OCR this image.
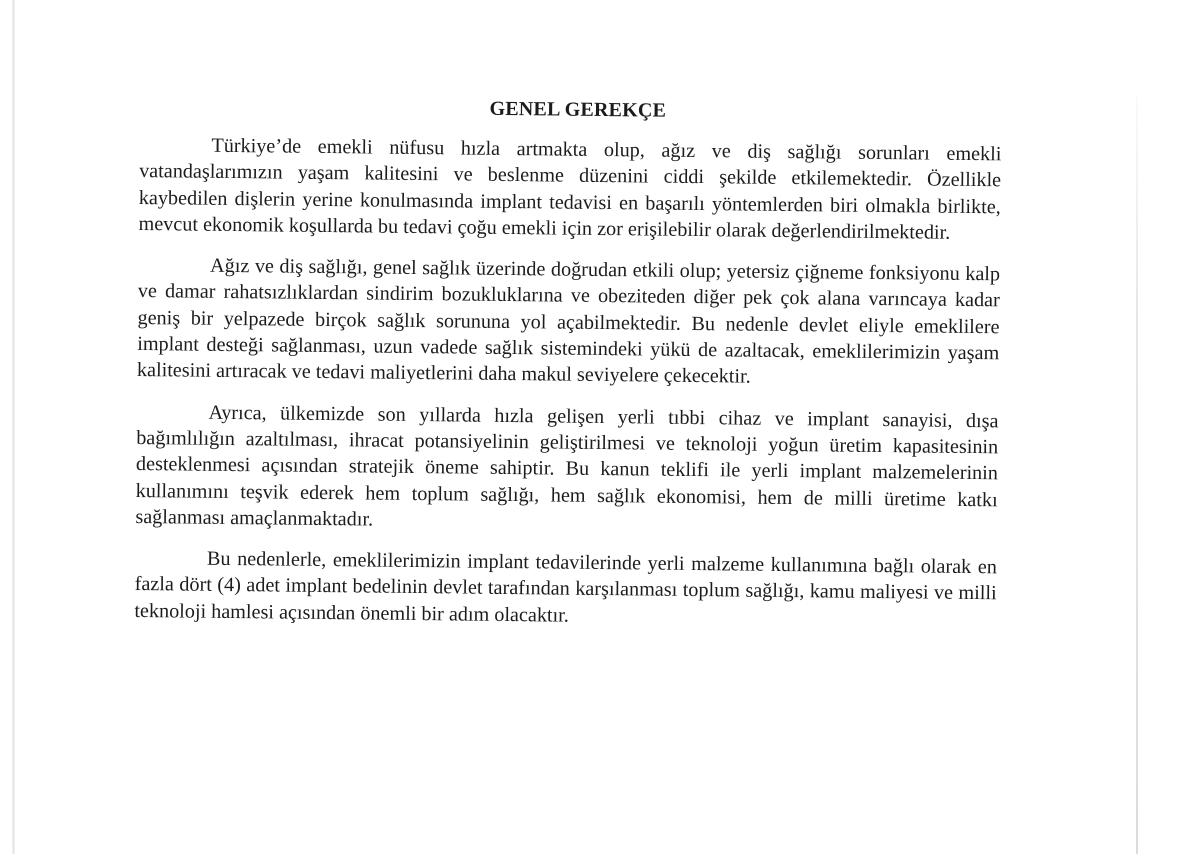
GENEL GEREKÇE

Türkiye’de emekli nüfusu hızla artmakta olup, ağız ve diş sağlığı sorunları emekli vatandaşlarımızın yaşam kalitesini ve beslenme düzenini ciddi şekilde etkilemektedir. Özellikle kaybedilen dişlerin yerine konulmasında implant tedavisi en başarılı yöntemlerden biri olmakla birlikte, mevcut ekonomik koşullarda bu tedavi çoğu emekli için zor erişilebilir olarak değerlendirilmektedir.

Ağız ve diş sağlığı, genel sağlık üzerinde doğrudan etkili olup; yetersiz çiğneme fonksiyonu kalp ve damar rahatsızlıklardan sindirim bozukluklarına ve obeziteden diğer pek çok alana varıncaya kadar geniş bir yelpazede birçok sağlık sorununa yol açabilmektedir. Bu nedenle devlet eliyle emeklilere implant desteği sağlanması, uzun vadede sağlık sistemindeki yükü de azaltacak, emeklilerimizin yaşam kalitesini artıracak ve tedavi maliyetlerini daha makul seviyelere çekecektir.

Ayrıca, ülkemizde son yıllarda hızla gelişen yerli tıbbi cihaz ve implant sanayisi, dışa bağımlılığın azaltılması, ihracat potansiyelinin geliştirilmesi ve teknoloji yoğun üretim kapasitesinin desteklenmesi açısından stratejik öneme sahiptir. Bu kanun teklifi ile yerli implant malzemelerinin kullanımını teşvik ederek hem toplum sağlığı, hem sağlık ekonomisi, hem de milli üretime katkı sağlanması amaçlanmaktadır.

Bu nedenlerle, emeklilerimizin implant tedavilerinde yerli malzeme kullanımına bağlı olarak en fazla dört (4) adet implant bedelinin devlet tarafından karşılanması toplum sağlığı, kamu maliyesi ve milli teknoloji hamlesi açısından önemli bir adım olacaktır.
